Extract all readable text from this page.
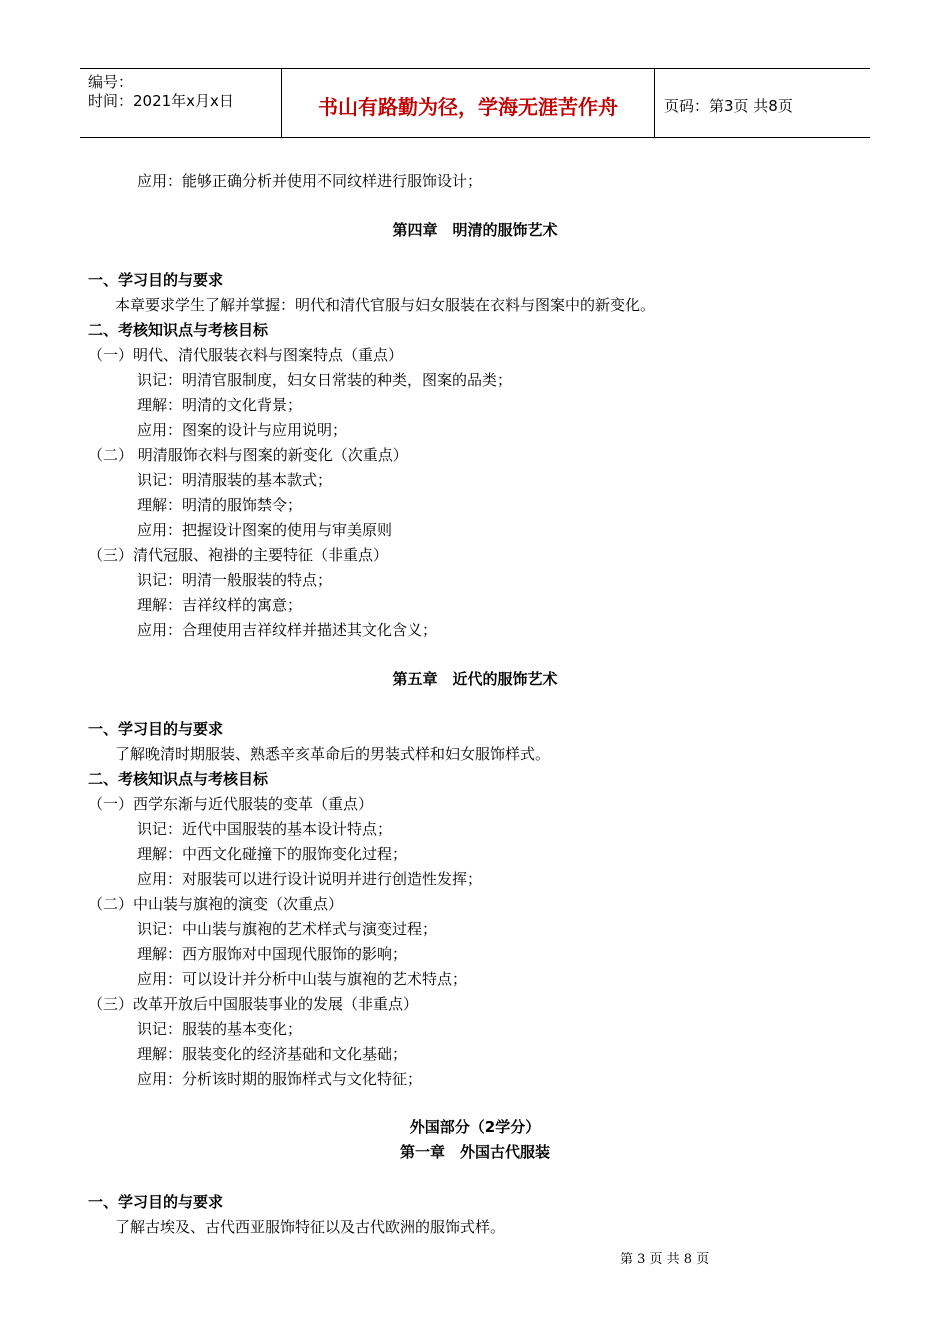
编号：
时间：2021年x月x日	书山有路勤为径，学海无涯苦作舟	页码：第3页 共8页
应用：能够正确分析并使用不同纹样进行服饰设计；
第四章　明清的服饰艺术
一、学习目的与要求
本章要求学生了解并掌握：明代和清代官服与妇女服装在衣料与图案中的新变化。
二、考核知识点与考核目标
（一）明代、清代服装衣料与图案特点（重点）
识记：明清官服制度，妇女日常装的种类，图案的品类；
理解：明清的文化背景；
应用：图案的设计与应用说明；
（二） 明清服饰衣料与图案的新变化（次重点）
识记：明清服装的基本款式；
理解：明清的服饰禁令；
应用：把握设计图案的使用与审美原则
（三）清代冠服、袍褂的主要特征（非重点）
识记：明清一般服装的特点；
理解：吉祥纹样的寓意；
应用：合理使用吉祥纹样并描述其文化含义；
第五章　近代的服饰艺术
一、学习目的与要求
了解晚清时期服装、熟悉辛亥革命后的男装式样和妇女服饰样式。
二、考核知识点与考核目标
（一）西学东渐与近代服装的变革（重点）
识记：近代中国服装的基本设计特点；
理解：中西文化碰撞下的服饰变化过程；
应用：对服装可以进行设计说明并进行创造性发挥；
（二）中山装与旗袍的演变（次重点）
识记：中山装与旗袍的艺术样式与演变过程；
理解：西方服饰对中国现代服饰的影响；
应用：可以设计并分析中山装与旗袍的艺术特点；
（三）改革开放后中国服装事业的发展（非重点）
识记：服装的基本变化；
理解：服装变化的经济基础和文化基础；
应用：分析该时期的服饰样式与文化特征；
外国部分（2学分）
第一章　外国古代服装
一、学习目的与要求
了解古埃及、古代西亚服饰特征以及古代欧洲的服饰式样。
第 3 页 共 8 页
